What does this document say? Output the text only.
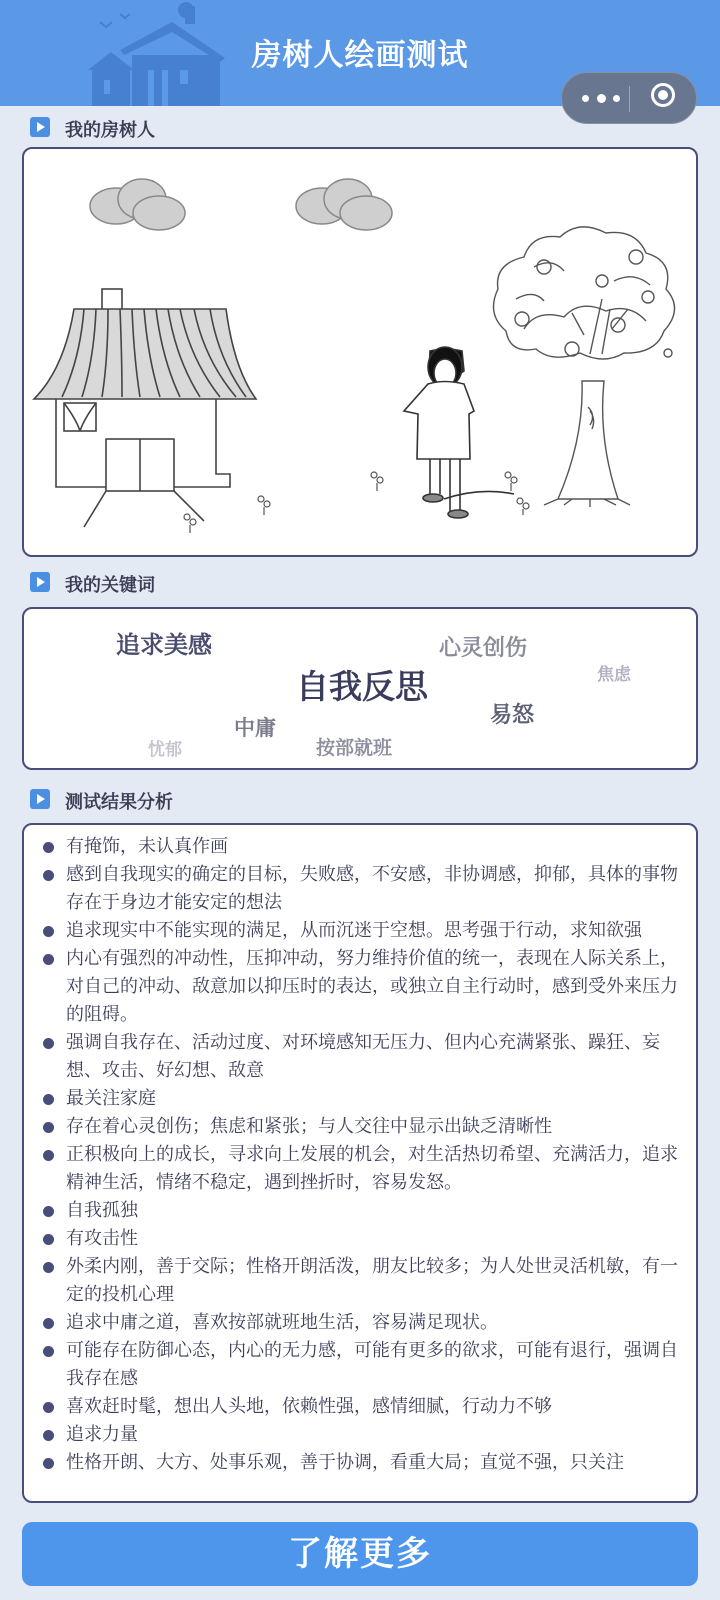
房树人绘画测试
我的房树人
我的关键词
追求美感	心灵创伤
焦虑
自我反思
易怒
中庸
按部就班
忧郁
测试结果分析
有掩饰，未认真作画
感到自我现实的确定的目标，失败感，不安感，非协调感，抑郁，具体的事物存在于身边才能安定的想法
追求现实中不能实现的满足，从而沉迷于空想。思考强于行动，求知欲强
内心有强烈的冲动性，压抑冲动，努力维持价值的统一，表现在人际关系上，对自己的冲动、敌意加以抑压时的表达，或独立自主行动时，感到受外来压力的阻碍。
强调自我存在、活动过度、对环境感知无压力、但内心充满紧张、躁狂、妄想、攻击、好幻想、敌意
最关注家庭
存在着心灵创伤；焦虑和紧张；与人交往中显示出缺乏清晰性
正积极向上的成长，寻求向上发展的机会，对生活热切希望、充满活力，追求精神生活，情绪不稳定，遇到挫折时，容易发怒。
自我孤独
有攻击性
外柔内刚，善于交际；性格开朗活泼，朋友比较多；为人处世灵活机敏，有一定的投机心理
追求中庸之道，喜欢按部就班地生活，容易满足现状。
可能存在防御心态，内心的无力感，可能有更多的欲求，可能有退行，强调自我存在感
喜欢赶时髦，想出人头地，依赖性强，感情细腻，行动力不够
追求力量
性格开朗、大方、处事乐观，善于协调，看重大局；直觉不强，只关注
了解更多
